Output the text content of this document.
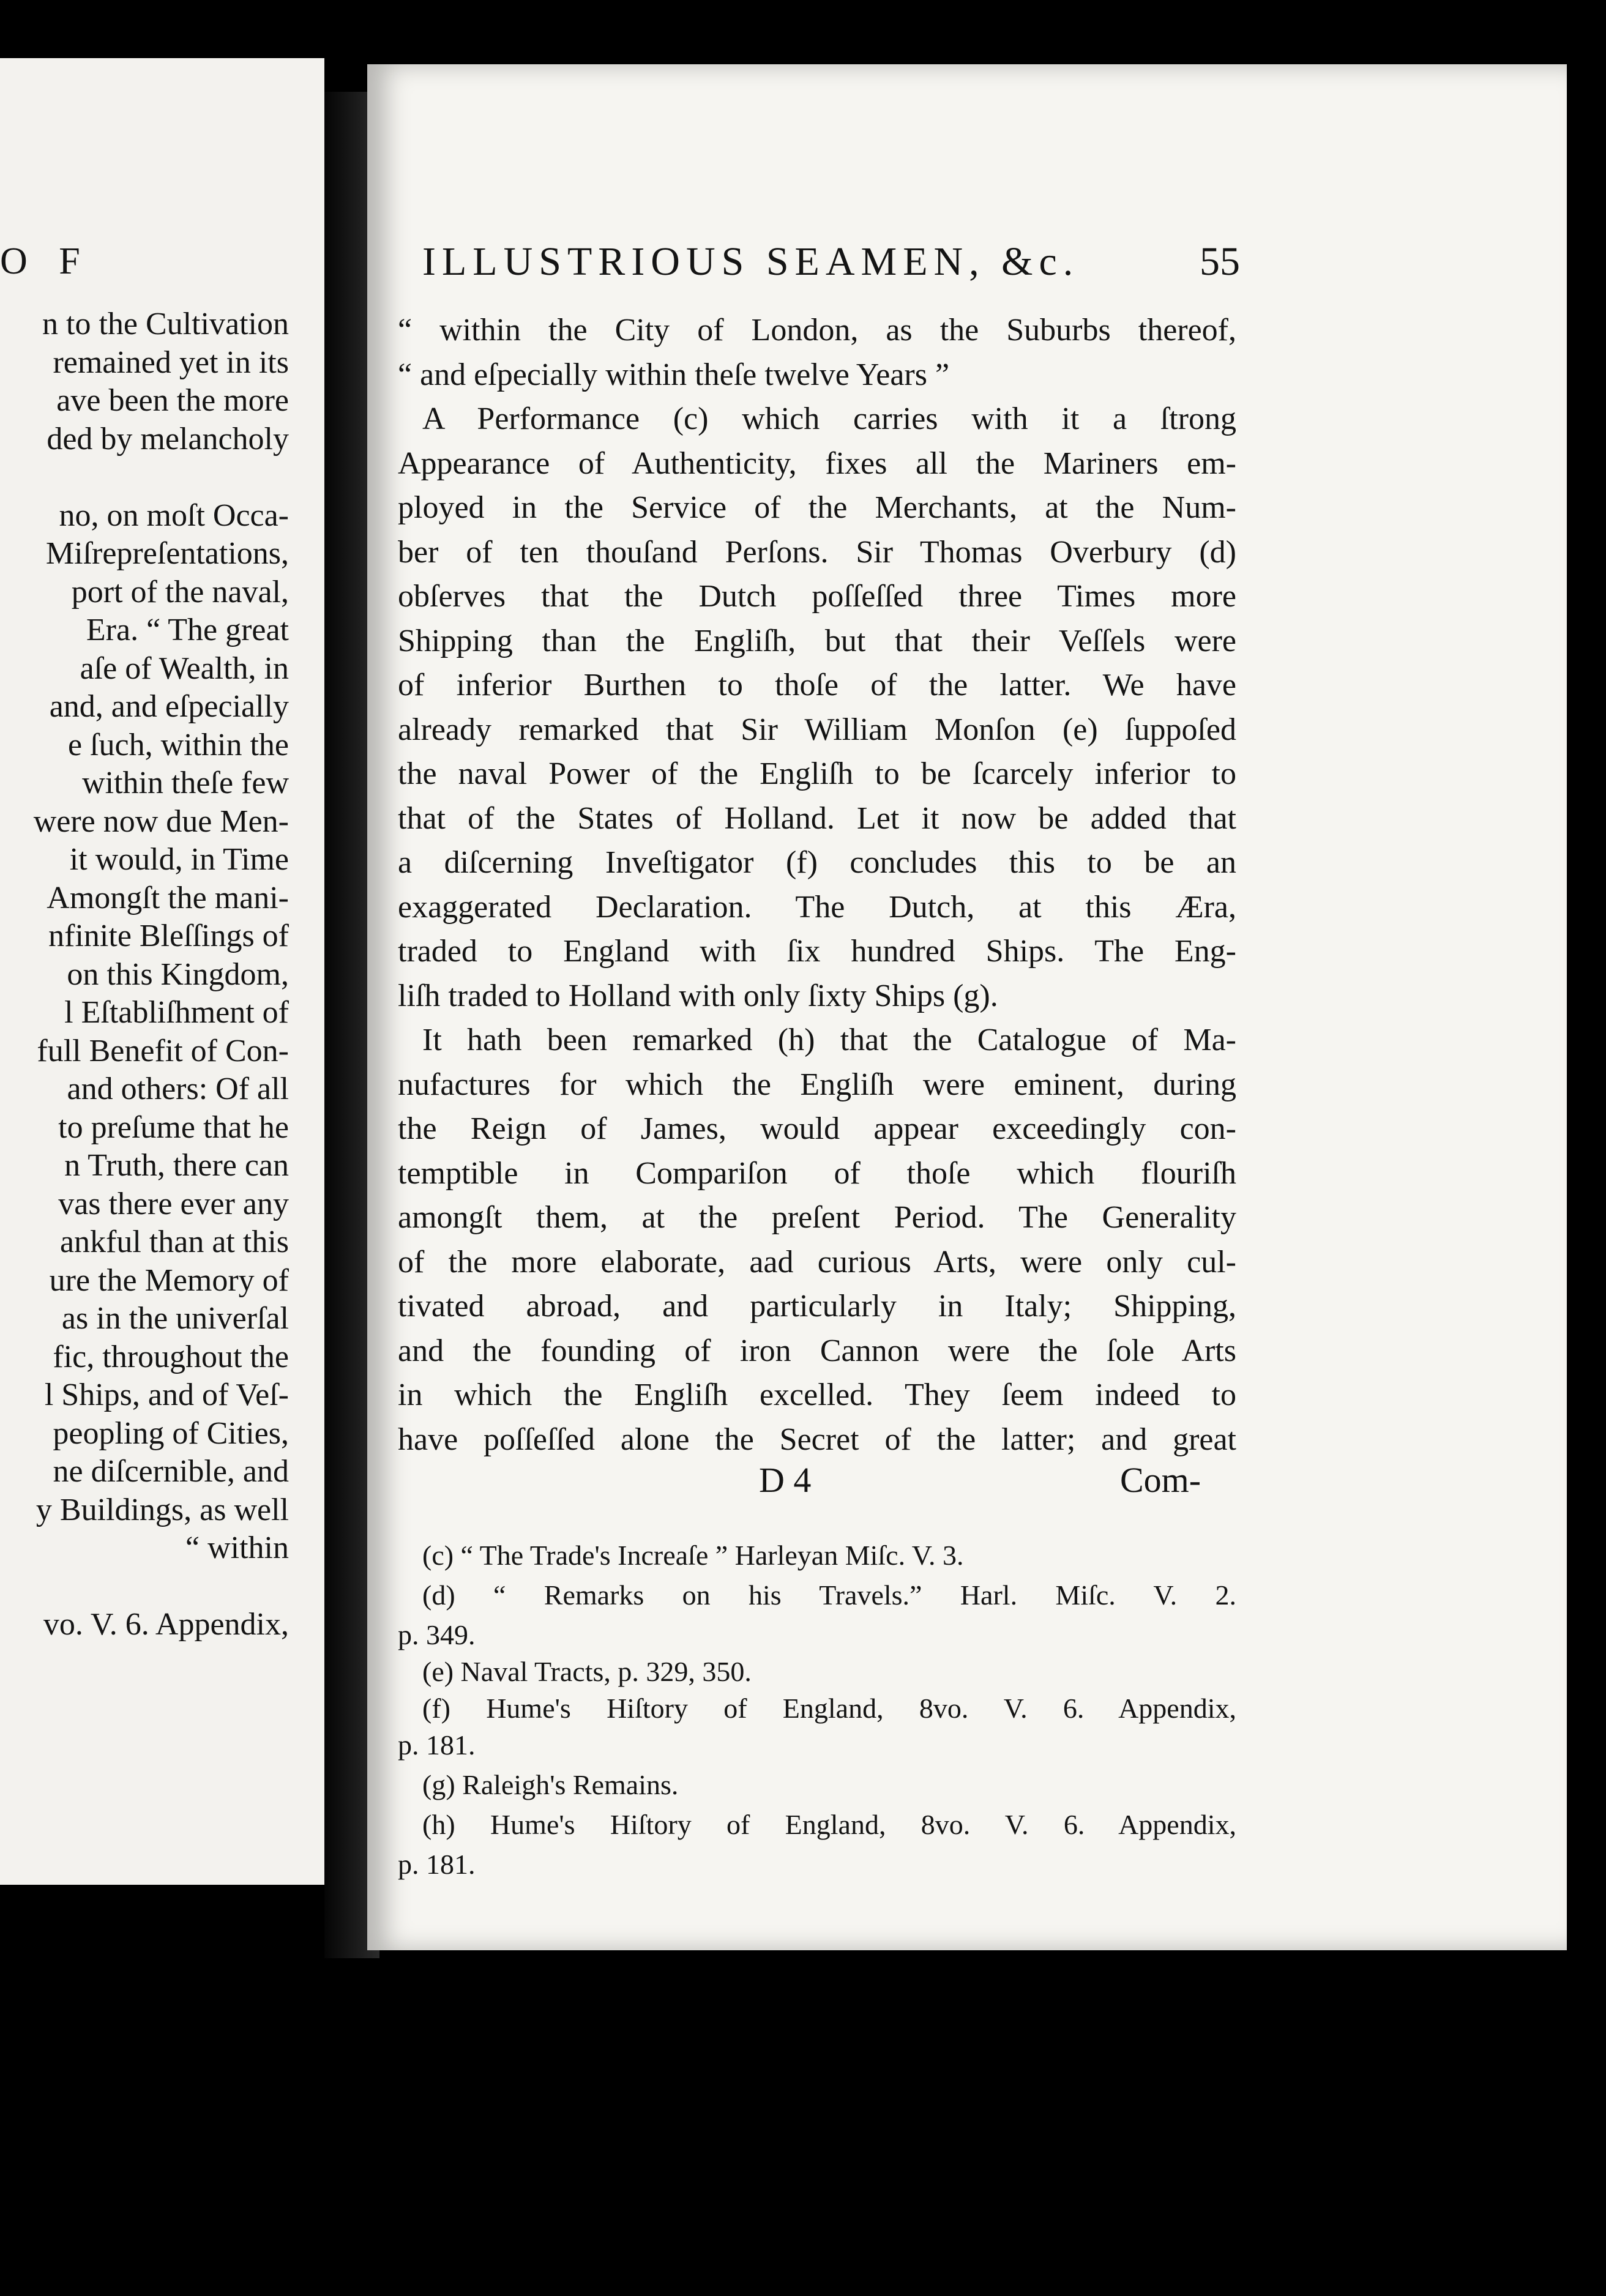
O F
n to the Cultivation
remained yet in its
ave been the more
ded by melancholy
no, on moſt Occa-
Miſrepreſentations,
port of the naval,
Era. “ The great
aſe of Wealth, in
and, and eſpecially
e ſuch, within the
within theſe few
were now due Men-
it would, in Time
Amongſt the mani-
nfinite Bleſſings of
on this Kingdom,
l Eſtabliſhment of
full Benefit of Con-
and others: Of all
to preſume that he
n Truth, there can
vas there ever any
ankful than at this
ure the Memory of
as in the univerſal
fic, throughout the
l Ships, and of Veſ-
peopling of Cities,
ne diſcernible, and
y Buildings, as well
“ within
vo. V. 6. Appendix,
ILLUSTRIOUS SEAMEN, &c.	55
“ within the City of London, as the Suburbs thereof,
“ and eſpecially within theſe twelve Years ”
A Performance (c) which carries with it a ſtrong
Appearance of Authenticity, fixes all the Mariners em-
ployed in the Service of the Merchants, at the Num-
ber of ten thouſand Perſons. Sir Thomas Overbury (d)
obſerves that the Dutch poſſeſſed three Times more
Shipping than the Engliſh, but that their Veſſels were
of inferior Burthen to thoſe of the latter. We have
already remarked that Sir William Monſon (e) ſuppoſed
the naval Power of the Engliſh to be ſcarcely inferior to
that of the States of Holland. Let it now be added that
a diſcerning Inveſtigator (f) concludes this to be an
exaggerated Declaration. The Dutch, at this Æra,
traded to England with ſix hundred Ships. The Eng-
liſh traded to Holland with only ſixty Ships (g).
It hath been remarked (h) that the Catalogue of Ma-
nufactures for which the Engliſh were eminent, during
the Reign of James, would appear exceedingly con-
temptible in Compariſon of thoſe which flouriſh
amongſt them, at the preſent Period. The Generality
of the more elaborate, aad curious Arts, were only cul-
tivated abroad, and particularly in Italy; Shipping,
and the founding of iron Cannon were the ſole Arts
in which the Engliſh excelled. They ſeem indeed to
have poſſeſſed alone the Secret of the latter; and great
D 4	Com-
(c) “ The Trade's Increaſe ” Harleyan Miſc. V. 3.
(d) “ Remarks on his Travels.” Harl. Miſc. V. 2.
p. 349.
(e) Naval Tracts, p. 329, 350.
(f) Hume's Hiſtory of England, 8vo. V. 6. Appendix,
p. 181.
(g) Raleigh's Remains.
(h) Hume's Hiſtory of England, 8vo. V. 6. Appendix,
p. 181.
